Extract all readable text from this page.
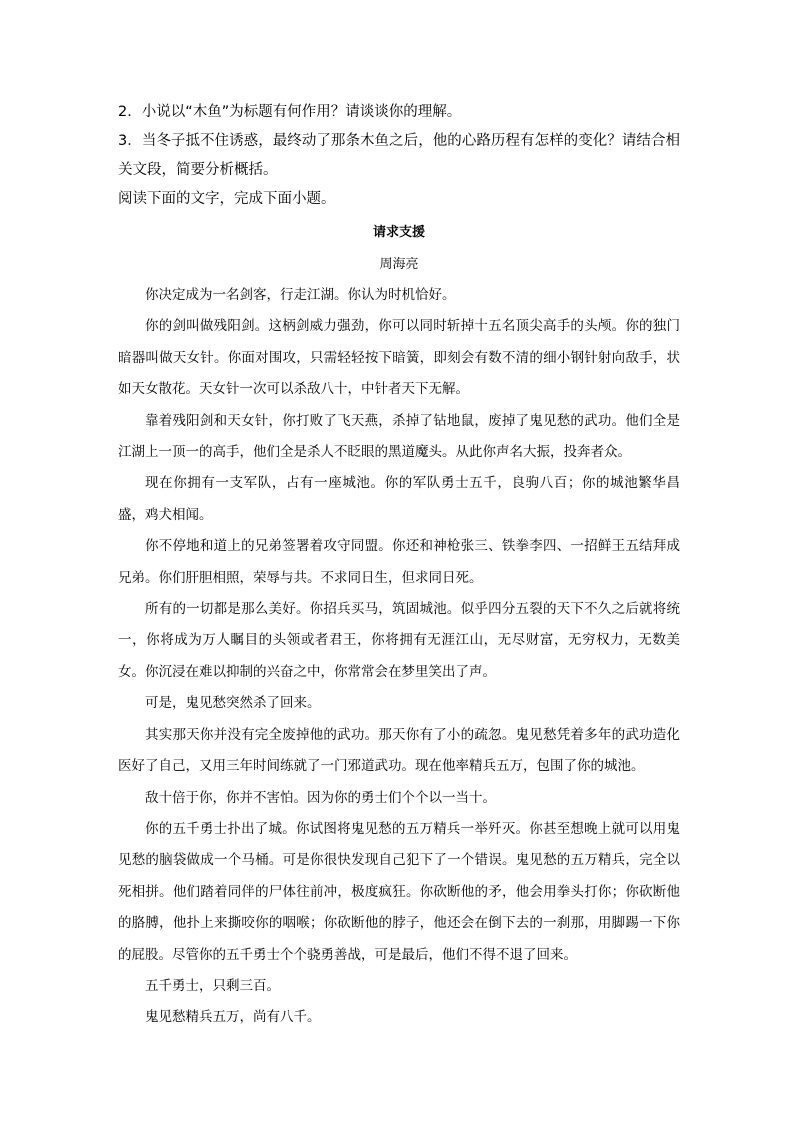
2．小说以“木鱼”为标题有何作用？请谈谈你的理解。

3．当冬子抵不住诱惑，最终动了那条木鱼之后，他的心路历程有怎样的变化？请结合相关文段，简要分析概括。

阅读下面的文字，完成下面小题。

请求支援

周海亮

你决定成为一名剑客，行走江湖。你认为时机恰好。

你的剑叫做残阳剑。这柄剑威力强劲，你可以同时斩掉十五名顶尖高手的头颅。你的独门暗器叫做天女针。你面对围攻，只需轻轻按下暗簧，即刻会有数不清的细小钢针射向敌手，状如天女散花。天女针一次可以杀敌八十，中针者天下无解。

靠着残阳剑和天女针，你打败了飞天燕，杀掉了钻地鼠，废掉了鬼见愁的武功。他们全是江湖上一顶一的高手，他们全是杀人不眨眼的黑道魔头。从此你声名大振，投奔者众。

现在你拥有一支军队，占有一座城池。你的军队勇士五千，良驹八百；你的城池繁华昌盛，鸡犬相闻。

你不停地和道上的兄弟签署着攻守同盟。你还和神枪张三、铁拳李四、一招鲜王五结拜成兄弟。你们肝胆相照，荣辱与共。不求同日生，但求同日死。

所有的一切都是那么美好。你招兵买马，筑固城池。似乎四分五裂的天下不久之后就将统一，你将成为万人瞩目的头领或者君王，你将拥有无涯江山，无尽财富，无穷权力，无数美女。你沉浸在难以抑制的兴奋之中，你常常会在梦里笑出了声。

可是，鬼见愁突然杀了回来。

其实那天你并没有完全废掉他的武功。那天你有了小的疏忽。鬼见愁凭着多年的武功造化医好了自己，又用三年时间练就了一门邪道武功。现在他率精兵五万，包围了你的城池。

敌十倍于你，你并不害怕。因为你的勇士们个个以一当十。

你的五千勇士扑出了城。你试图将鬼见愁的五万精兵一举歼灭。你甚至想晚上就可以用鬼见愁的脑袋做成一个马桶。可是你很快发现自己犯下了一个错误。鬼见愁的五万精兵，完全以死相拼。他们踏着同伴的尸体往前冲，极度疯狂。你砍断他的矛，他会用拳头打你；你砍断他的胳膊，他扑上来撕咬你的咽喉；你砍断他的脖子，他还会在倒下去的一刹那，用脚踢一下你的屁股。尽管你的五千勇士个个骁勇善战，可是最后，他们不得不退了回来。

五千勇士，只剩三百。

鬼见愁精兵五万，尚有八千。
